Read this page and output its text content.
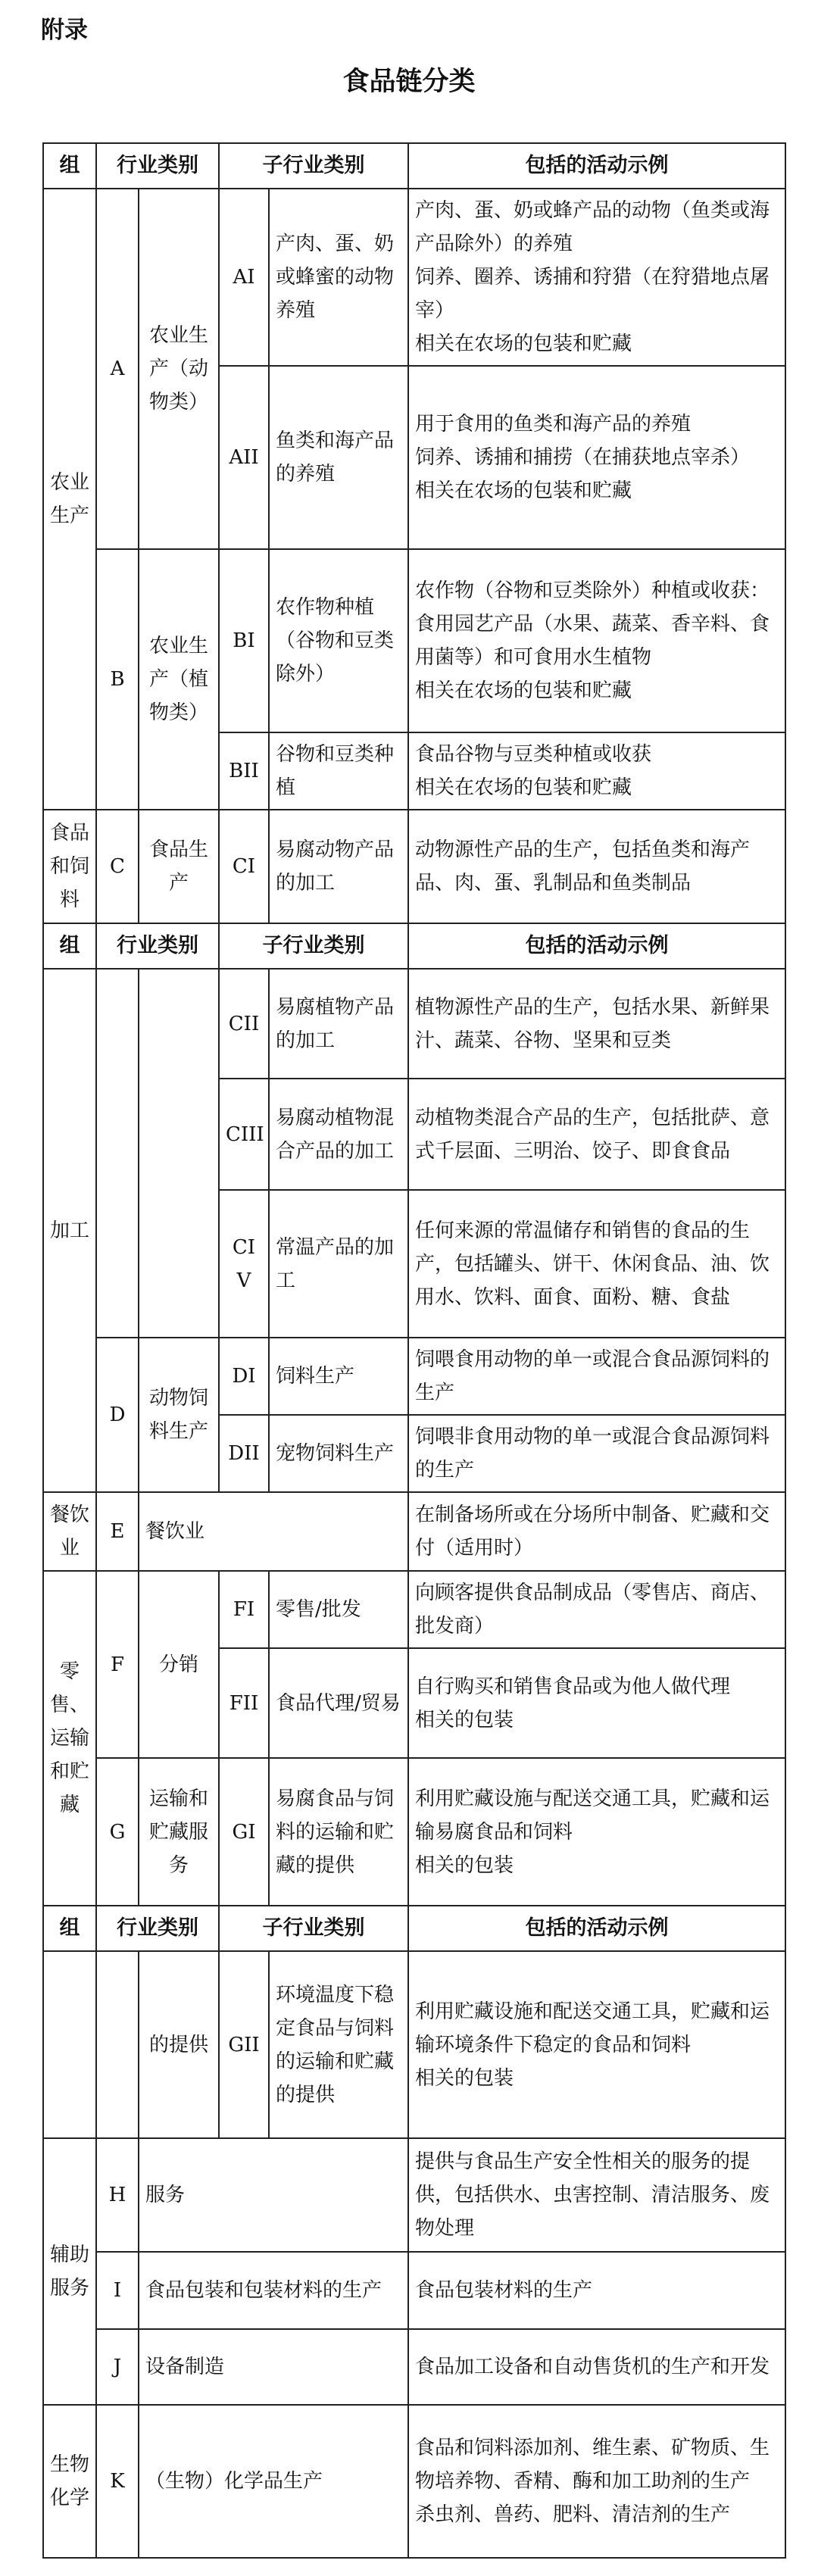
附录
食品链分类
组	行业类别		子行业类别		包括的活动示例
农业生产	A	农业生产（动物类）	AI	产肉、蛋、奶或蜂蜜的动物养殖	产肉、蛋、奶或蜂产品的动物（鱼类或海产品除外）的养殖
饲养、圈养、诱捕和狩猎（在狩猎地点屠宰）
相关在农场的包装和贮藏

			AII	鱼类和海产品的养殖	用于食用的鱼类和海产品的养殖
饲养、诱捕和捕捞（在捕获地点宰杀）
相关在农场的包装和贮藏

	B	农业生产（植物类）	BI	农作物种植（谷物和豆类除外）	农作物（谷物和豆类除外）种植或收获：食用园艺产品（水果、蔬菜、香辛料、食用菌等）和可食用水生植物
相关在农场的包装和贮藏

			BII	谷物和豆类种植	食品谷物与豆类种植或收获
相关在农场的包装和贮藏

食品和饲料	C	食品生产	CI	易腐动物产品的加工	动物源性产品的生产，包括鱼类和海产品、肉、蛋、乳制品和鱼类制品

组	行业类别		子行业类别		包括的活动示例
加工			CII	易腐植物产品的加工	植物源性产品的生产，包括水果、新鲜果汁、蔬菜、谷物、坚果和豆类

			CIII	易腐动植物混合产品的加工	动植物类混合产品的生产，包括批萨、意式千层面、三明治、饺子、即食食品

			CI V	常温产品的加工	任何来源的常温储存和销售的食品的生产，包括罐头、饼干、休闲食品、油、饮用水、饮料、面食、面粉、糖、食盐

	D	动物饲料生产	DI	饲料生产	饲喂食用动物的单一或混合食品源饲料的生产

			DII	宠物饲料生产	饲喂非食用动物的单一或混合食品源饲料的生产

餐饮业	E	餐饮业			在制备场所或在分场所中制备、贮藏和交付（适用时）

零售、运输和贮藏	F	分销	FI	零售/批发	向顾客提供食品制成品（零售店、商店、批发商）

			FII	食品代理/贸易	自行购买和销售食品或为他人做代理
相关的包装

	G	运输和贮藏服务	GI	易腐食品与饲料的运输和贮藏的提供	利用贮藏设施与配送交通工具，贮藏和运输易腐食品和饲料
相关的包装

组	行业类别		子行业类别		包括的活动示例
		的提供	GII	环境温度下稳定食品与饲料的运输和贮藏的提供	利用贮藏设施和配送交通工具，贮藏和运输环境条件下稳定的食品和饲料
相关的包装

辅助服务	H	服务			提供与食品生产安全性相关的服务的提供，包括供水、虫害控制、清洁服务、废物处理

	I	食品包装和包装材料的生产			食品包装材料的生产

	J	设备制造			食品加工设备和自动售货机的生产和开发

生物化学	K	（生物）化学品生产			食品和饲料添加剂、维生素、矿物质、生物培养物、香精、酶和加工助剂的生产
杀虫剂、兽药、肥料、清洁剂的生产
